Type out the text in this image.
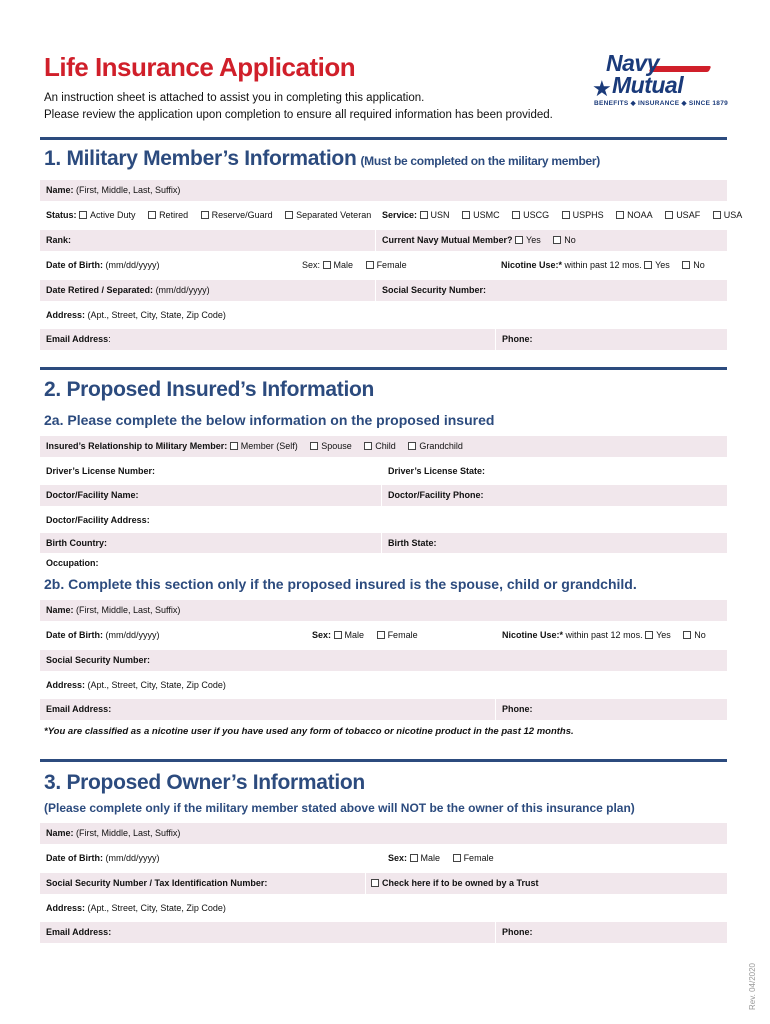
Life Insurance Application
An instruction sheet is attached to assist you in completing this application.
Please review the application upon completion to ensure all required information has been provided.
Navy
★ Mutual
BENEFITS ◆ INSURANCE ◆ SINCE 1879
1. Military Member’s Information (Must be completed on the military member)
Name: (First, Middle, Last, Suffix)
Status: Active Duty	Retired	Reserve/Guard	Separated Veteran	Service: USN	USMC	USCG	USPHS	NOAA	USAF	USA
Rank:	Current Navy Mutual Member? Yes	No
Date of Birth: (mm/dd/yyyy)	Sex: Male	Female	Nicotine Use:* within past 12 mos. Yes	No
Date Retired / Separated: (mm/dd/yyyy)	Social Security Number:
Address: (Apt., Street, City, State, Zip Code)
Email Address:	Phone:
2. Proposed Insured’s Information
2a. Please complete the below information on the proposed insured
Insured’s Relationship to Military Member: Member (Self)	Spouse	Child	Grandchild
Driver’s License Number:	Driver’s License State:
Doctor/Facility Name:	Doctor/Facility Phone:
Doctor/Facility Address:
Birth Country:	Birth State:
Occupation:
2b. Complete this section only if the proposed insured is the spouse, child or grandchild.
Name: (First, Middle, Last, Suffix)
Date of Birth: (mm/dd/yyyy)	Sex: Male	Female	Nicotine Use:* within past 12 mos. Yes	No
Social Security Number:
Address: (Apt., Street, City, State, Zip Code)
Email Address:	Phone:
*You are classified as a nicotine user if you have used any form of tobacco or nicotine product in the past 12 months.
3. Proposed Owner’s Information
(Please complete only if the military member stated above will NOT be the owner of this insurance plan)
Name: (First, Middle, Last, Suffix)
Date of Birth: (mm/dd/yyyy)	Sex: Male	Female
Social Security Number / Tax Identification Number:	Check here if to be owned by a Trust
Address: (Apt., Street, City, State, Zip Code)
Email Address:	Phone:
Rev. 04/2020
